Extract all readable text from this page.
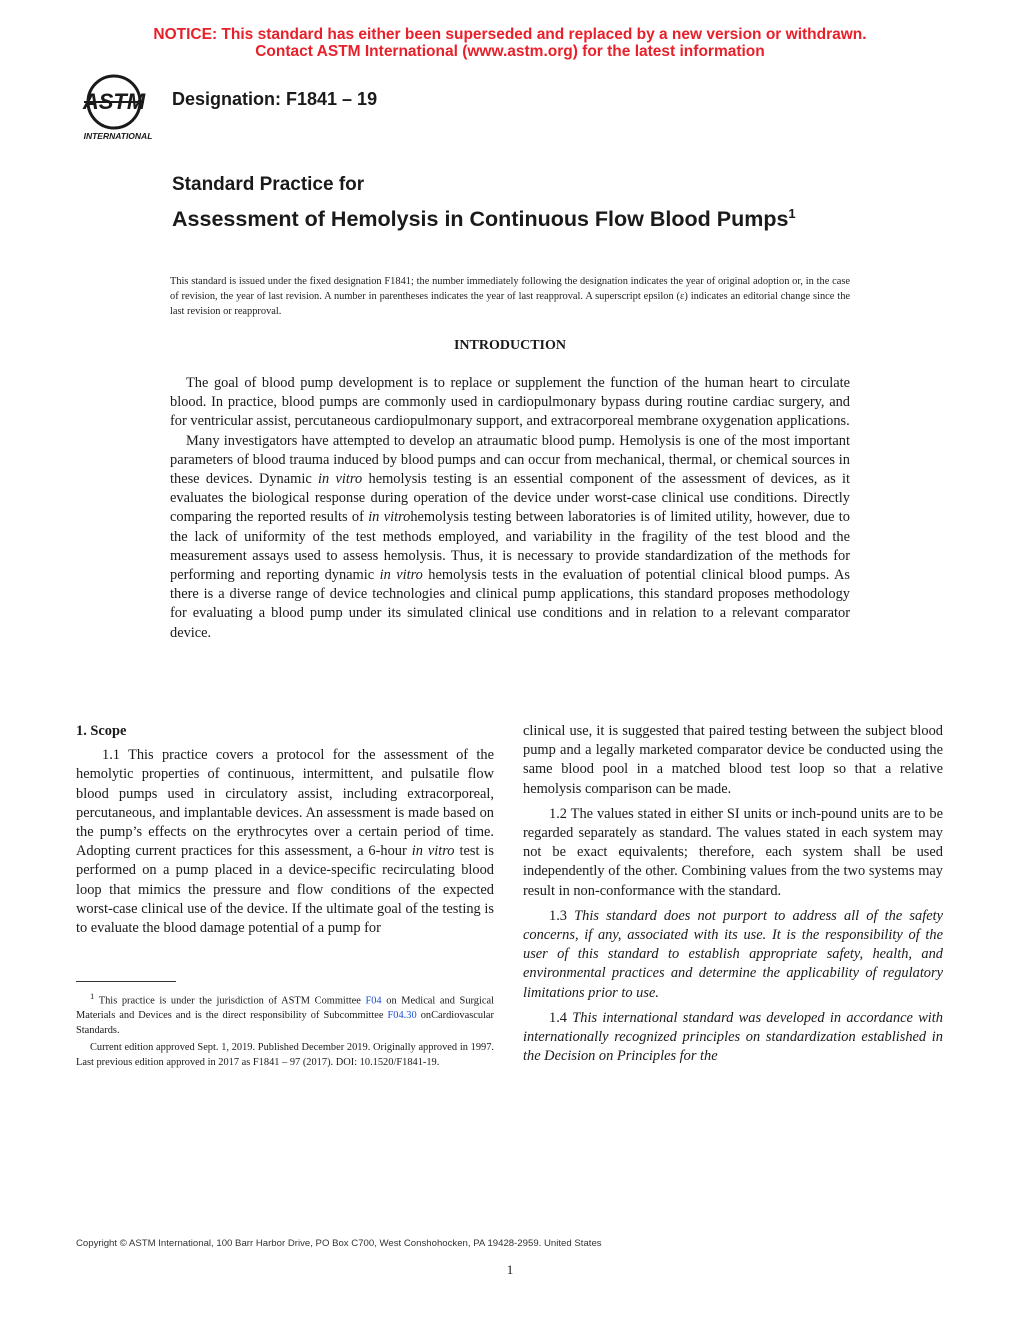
NOTICE: This standard has either been superseded and replaced by a new version or withdrawn.
Contact ASTM International (www.astm.org) for the latest information
ASTM
INTERNATIONAL
Designation: F1841 – 19
Standard Practice for
Assessment of Hemolysis in Continuous Flow Blood Pumps$^1$
This standard is issued under the fixed designation F1841; the number immediately following the designation indicates the year of original adoption or, in the case of revision, the year of last revision. A number in parentheses indicates the year of last reapproval. A superscript epsilon (ε) indicates an editorial change since the last revision or reapproval.
INTRODUCTION

The goal of blood pump development is to replace or supplement the function of the human heart to circulate blood. In practice, blood pumps are commonly used in cardiopulmonary bypass during routine cardiac surgery, and for ventricular assist, percutaneous cardiopulmonary support, and extracorporeal membrane oxygenation applications.

Many investigators have attempted to develop an atraumatic blood pump. Hemolysis is one of the most important parameters of blood trauma induced by blood pumps and can occur from mechanical, thermal, or chemical sources in these devices. Dynamic in vitro hemolysis testing is an essential component of the assessment of devices, as it evaluates the biological response during operation of the device under worst-case clinical use conditions. Directly comparing the reported results of in vitrohemolysis testing between laboratories is of limited utility, however, due to the lack of uniformity of the test methods employed, and variability in the fragility of the test blood and the measurement assays used to assess hemolysis. Thus, it is necessary to provide standardization of the methods for performing and reporting dynamic in vitro hemolysis tests in the evaluation of potential clinical blood pumps. As there is a diverse range of device technologies and clinical pump applications, this standard proposes methodology for evaluating a blood pump under its simulated clinical use conditions and in relation to a relevant comparator device.

1. Scope

1.1 This practice covers a protocol for the assessment of the hemolytic properties of continuous, intermittent, and pulsatile flow blood pumps used in circulatory assist, including extracorporeal, percutaneous, and implantable devices. An assessment is made based on the pump’s effects on the erythrocytes over a certain period of time. Adopting current practices for this assessment, a 6-hour in vitro test is performed on a pump placed in a device-specific recirculating blood loop that mimics the pressure and flow conditions of the expected worst-case clinical use of the device. If the ultimate goal of the testing is to evaluate the blood damage potential of a pump for

$^1$ This practice is under the jurisdiction of ASTM Committee F04 on Medical and Surgical Materials and Devices and is the direct responsibility of Subcommittee F04.30 onCardiovascular Standards.

Current edition approved Sept. 1, 2019. Published December 2019. Originally approved in 1997. Last previous edition approved in 2017 as F1841 – 97 (2017). DOI: 10.1520/F1841-19.

clinical use, it is suggested that paired testing between the subject blood pump and a legally marketed comparator device be conducted using the same blood pool in a matched blood test loop so that a relative hemolysis comparison can be made.

1.2 The values stated in either SI units or inch-pound units are to be regarded separately as standard. The values stated in each system may not be exact equivalents; therefore, each system shall be used independently of the other. Combining values from the two systems may result in non-conformance with the standard.

1.3 This standard does not purport to address all of the safety concerns, if any, associated with its use. It is the responsibility of the user of this standard to establish appropriate safety, health, and environmental practices and determine the applicability of regulatory limitations prior to use.

1.4 This international standard was developed in accordance with internationally recognized principles on standardization established in the Decision on Principles for the

Copyright © ASTM International, 100 Barr Harbor Drive, PO Box C700, West Conshohocken, PA 19428-2959. United States
1
